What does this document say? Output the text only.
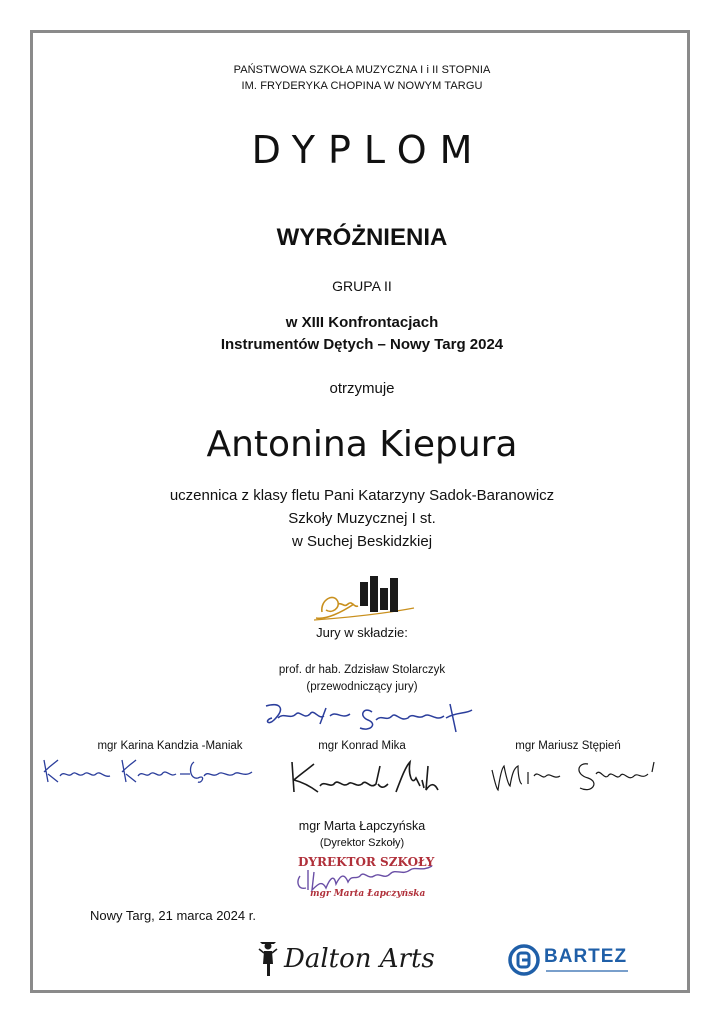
PAŃSTWOWA SZKOŁA MUZYCZNA I i II STOPNIA
IM. FRYDERYKA CHOPINA W NOWYM TARGU
DYPLOM
WYRÓŻNIENIA
GRUPA II
w XIII Konfrontacjach
Instrumentów Dętych – Nowy Targ 2024
otrzymuje
Antonina Kiepura
uczennica z klasy fletu Pani Katarzyny Sadok-Baranowicz
Szkoły Muzycznej I st.
w Suchej Beskidzkiej
Jury w składzie:
prof. dr hab. Zdzisław Stolarczyk
(przewodniczący jury)
mgr Karina Kandzia -Maniak	mgr Konrad Mika	mgr Mariusz Stępień
mgr Marta Łapczyńska
(Dyrektor Szkoły)
DYREKTOR SZKOŁY
mgr Marta Łapczyńska
Nowy Targ, 21 marca 2024 r.
Dalton Arts	BARTEZ
